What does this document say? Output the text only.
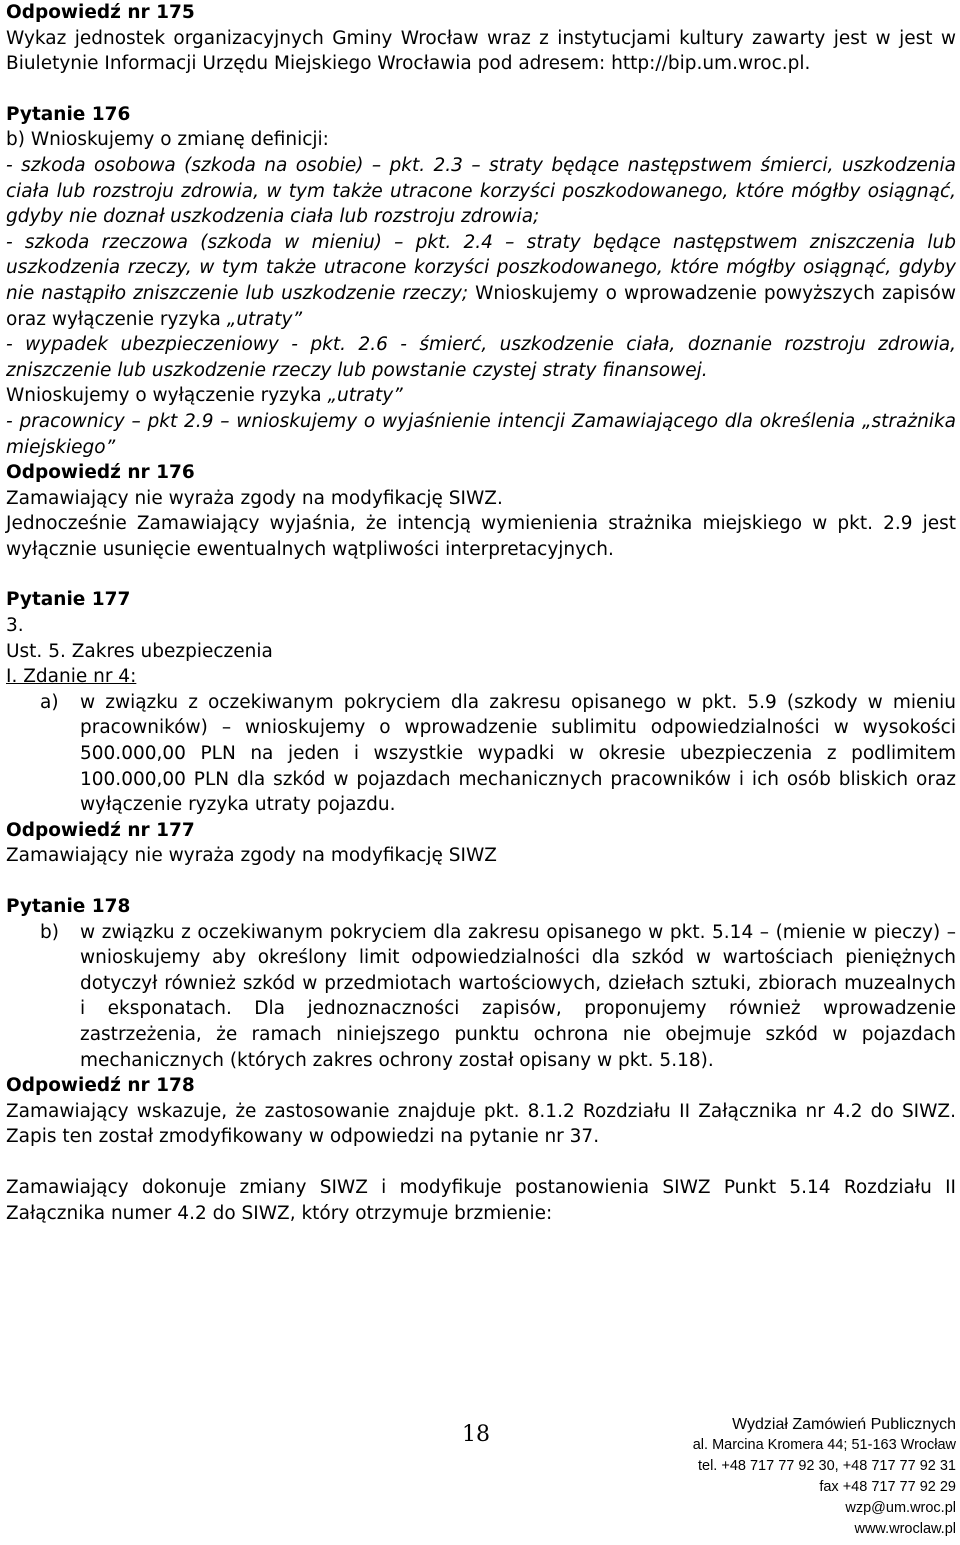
Odpowiedź nr 175

Wykaz jednostek organizacyjnych Gminy Wrocław wraz z instytucjami kultury zawarty jest w jest w Biuletynie Informacji Urzędu Miejskiego Wrocławia pod adresem: http://bip.um.wroc.pl.

Pytanie 176

b) Wnioskujemy o zmianę definicji:

- szkoda osobowa (szkoda na osobie) – pkt. 2.3 – straty będące następstwem śmierci, uszkodzenia ciała lub rozstroju zdrowia, w tym także utracone korzyści poszkodowanego, które mógłby osiągnąć, gdyby nie doznał uszkodzenia ciała lub rozstroju zdrowia;

- szkoda rzeczowa (szkoda w mieniu) – pkt. 2.4 – straty będące następstwem zniszczenia lub uszkodzenia rzeczy, w tym także utracone korzyści poszkodowanego, które mógłby osiągnąć, gdyby nie nastąpiło zniszczenie lub uszkodzenie rzeczy; Wnioskujemy o wprowadzenie powyższych zapisów oraz wyłączenie ryzyka „utraty”

- wypadek ubezpieczeniowy - pkt. 2.6 - śmierć, uszkodzenie ciała, doznanie rozstroju zdrowia, zniszczenie lub uszkodzenie rzeczy lub powstanie czystej straty finansowej.

Wnioskujemy o wyłączenie ryzyka „utraty”

- pracownicy – pkt 2.9 – wnioskujemy o wyjaśnienie intencji Zamawiającego dla określenia „strażnika miejskiego”

Odpowiedź nr 176

Zamawiający nie wyraża zgody na modyfikację SIWZ.

Jednocześnie Zamawiający wyjaśnia, że intencją wymienienia strażnika miejskiego w pkt. 2.9 jest wyłącznie usunięcie ewentualnych wątpliwości interpretacyjnych.

Pytanie 177

3.

Ust. 5. Zakres ubezpieczenia

I. Zdanie nr 4:

a) w związku z oczekiwanym pokryciem dla zakresu opisanego w pkt. 5.9 (szkody w mieniu pracowników) – wnioskujemy o wprowadzenie sublimitu odpowiedzialności w wysokości 500.000,00 PLN na jeden i wszystkie wypadki w okresie ubezpieczenia z podlimitem 100.000,00 PLN dla szkód w pojazdach mechanicznych pracowników i ich osób bliskich oraz wyłączenie ryzyka utraty pojazdu.

Odpowiedź nr 177

Zamawiający nie wyraża zgody na modyfikację SIWZ

Pytanie 178

b) w związku z oczekiwanym pokryciem dla zakresu opisanego w pkt. 5.14 – (mienie w pieczy) – wnioskujemy aby określony limit odpowiedzialności dla szkód w wartościach pieniężnych dotyczył również szkód w przedmiotach wartościowych, dziełach sztuki, zbiorach muzealnych i eksponatach. Dla jednoznaczności zapisów, proponujemy również wprowadzenie zastrzeżenia, że ramach niniejszego punktu ochrona nie obejmuje szkód w pojazdach mechanicznych (których zakres ochrony został opisany w pkt. 5.18).

Odpowiedź nr 178

Zamawiający wskazuje, że zastosowanie znajduje pkt. 8.1.2 Rozdziału II Załącznika nr 4.2 do SIWZ. Zapis ten został zmodyfikowany w odpowiedzi na pytanie nr 37.

Zamawiający dokonuje zmiany SIWZ i modyfikuje postanowienia SIWZ Punkt 5.14 Rozdziału II Załącznika numer 4.2 do SIWZ, który otrzymuje brzmienie:

18	Wydział Zamówień Publicznych
al. Marcina Kromera 44; 51-163 Wrocław
tel. +48 717 77 92 30, +48 717 77 92 31
fax +48 717 77 92 29
wzp@um.wroc.pl
www.wroclaw.pl
